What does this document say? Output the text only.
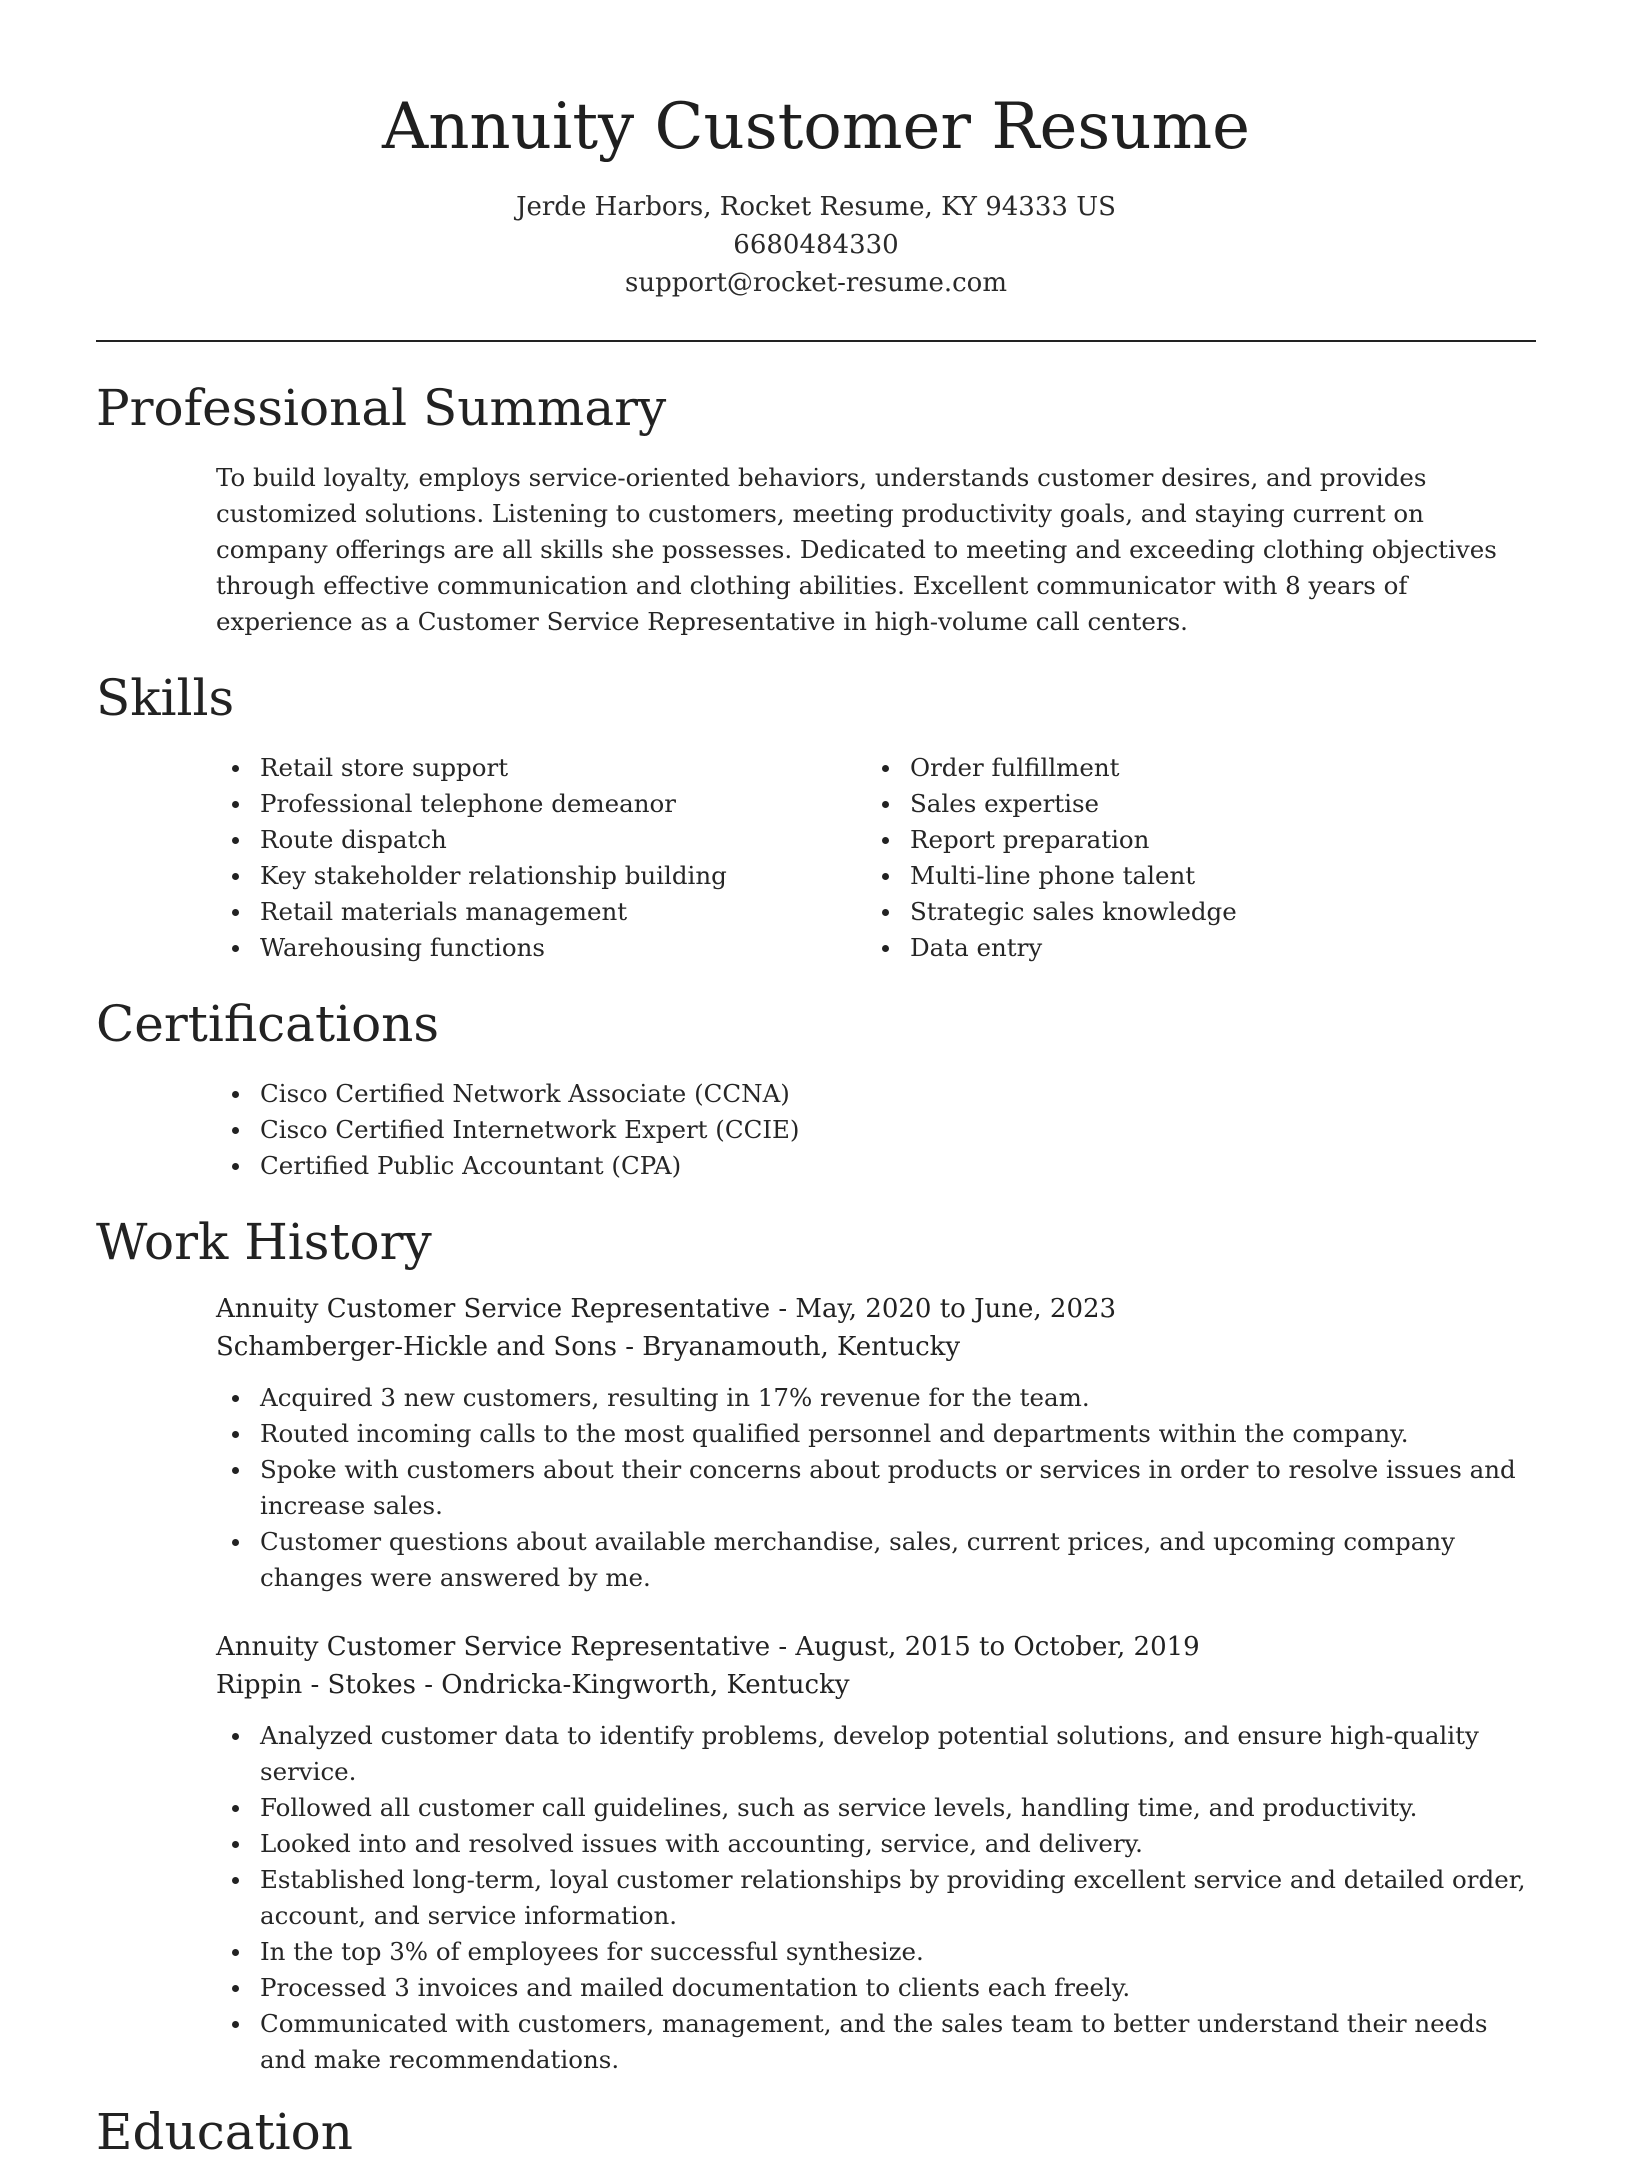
Annuity Customer Resume

Jerde Harbors, Rocket Resume, KY 94333 US

6680484330

support@rocket-resume.com

Professional Summary

To build loyalty, employs service-oriented behaviors, understands customer desires, and provides customized solutions. Listening to customers, meeting productivity goals, and staying current on company offerings are all skills she possesses. Dedicated to meeting and exceeding clothing objectives through effective communication and clothing abilities. Excellent communicator with 8 years of experience as a Customer Service Representative in high-volume call centers.

Skills
Retail store support
Professional telephone demeanor
Route dispatch
Key stakeholder relationship building
Retail materials management
Warehousing functions
Order fulfillment
Sales expertise
Report preparation
Multi-line phone talent
Strategic sales knowledge
Data entry
Certifications
Cisco Certified Network Associate (CCNA)
Cisco Certified Internetwork Expert (CCIE)
Certified Public Accountant (CPA)
Work History
Annuity Customer Service Representative - May, 2020 to June, 2023
Schamberger-Hickle and Sons - Bryanamouth, Kentucky
Acquired 3 new customers, resulting in 17% revenue for the team.
Routed incoming calls to the most qualified personnel and departments within the company.
Spoke with customers about their concerns about products or services in order to resolve issues and increase sales.
Customer questions about available merchandise, sales, current prices, and upcoming company changes were answered by me.
Annuity Customer Service Representative - August, 2015 to October, 2019
Rippin - Stokes - Ondricka-Kingworth, Kentucky
Analyzed customer data to identify problems, develop potential solutions, and ensure high-quality service.
Followed all customer call guidelines, such as service levels, handling time, and productivity.
Looked into and resolved issues with accounting, service, and delivery.
Established long-term, loyal customer relationships by providing excellent service and detailed order, account, and service information.
In the top 3% of employees for successful synthesize.
Processed 3 invoices and mailed documentation to clients each freely.
Communicated with customers, management, and the sales team to better understand their needs and make recommendations.
Education
